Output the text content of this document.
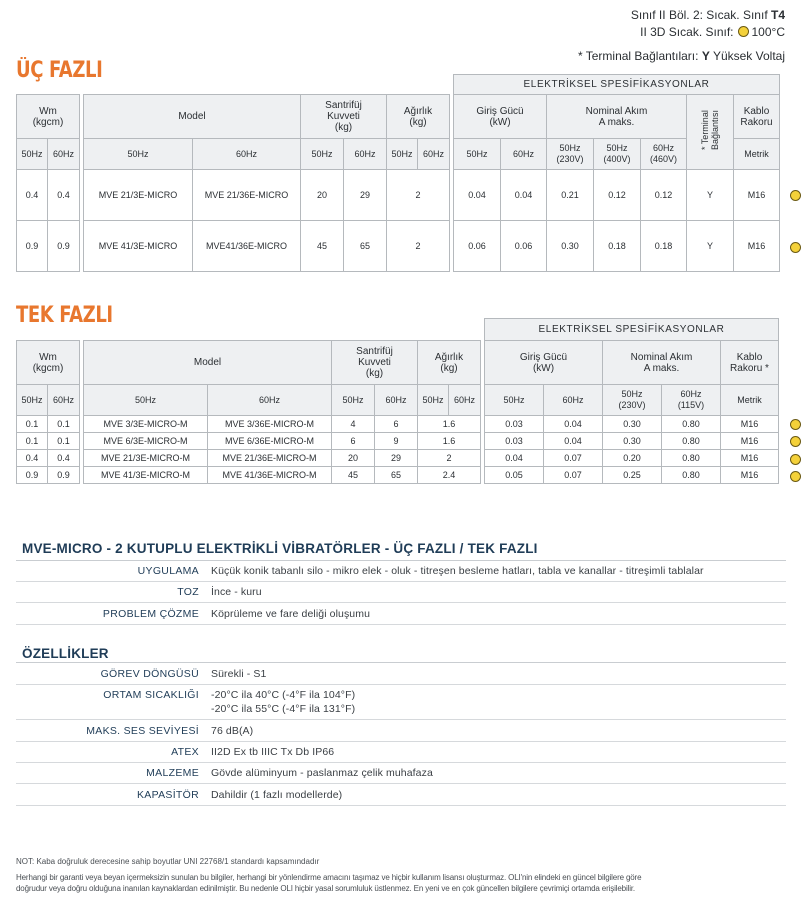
Sınıf II Böl. 2: Sıcak. Sınıf T4
II 3D Sıcak. Sınıf: 100°C
* Terminal Bağlantıları: Y Yüksek Voltaj
ÜÇ FAZLI
										ELEKTRİKSEL SPESİFİKASYONLAR						
Wm
(kgcm)			Model		Santrifüj
Kuvveti
(kg)		Ağırlık
(kg)			Giriş Gücü
(kW)		Nominal Akım
A maks.			* Terminal
Bağlantısı	Kablo
Rakoru
50Hz	60Hz		50Hz	60Hz	50Hz	60Hz	50Hz	60Hz		50Hz	60Hz	50Hz
(230V)	50Hz
(400V)	60Hz
(460V)		Metrik
0.4	0.4		MVE 21/3E-MICRO	MVE 21/36E-MICRO	20	29	2			0.04	0.04	0.21	0.12	0.12	Y	M16
0.9	0.9		MVE 41/3E-MICRO	MVE41/36E-MICRO	45	65	2			0.06	0.06	0.30	0.18	0.18	Y	M16
TEK FAZLI
										ELEKTRİKSEL SPESİFİKASYONLAR				
Wm
(kgcm)			Model		Santrifüj
Kuvveti
(kg)		Ağırlık
(kg)			Giriş Gücü
(kW)		Nominal Akım
A maks.		Kablo
Rakoru *
50Hz	60Hz		50Hz	60Hz	50Hz	60Hz	50Hz	60Hz		50Hz	60Hz	50Hz
(230V)	60Hz
(115V)	Metrik
0.1	0.1		MVE 3/3E-MICRO-M	MVE 3/36E-MICRO-M	4	6	1.6			0.03	0.04	0.30	0.80	M16
0.1	0.1		MVE 6/3E-MICRO-M	MVE 6/36E-MICRO-M	6	9	1.6			0.03	0.04	0.30	0.80	M16
0.4	0.4		MVE 21/3E-MICRO-M	MVE 21/36E-MICRO-M	20	29	2			0.04	0.07	0.20	0.80	M16
0.9	0.9		MVE 41/3E-MICRO-M	MVE 41/36E-MICRO-M	45	65	2.4			0.05	0.07	0.25	0.80	M16
MVE-MICRO - 2 KUTUPLU ELEKTRİKLİ VİBRATÖRLER - ÜÇ FAZLI / TEK FAZLI
UYGULAMA Küçük konik tabanlı silo - mikro elek - oluk - titreşen besleme hatları, tabla ve kanallar - titreşimli tablalar
TOZ İnce - kuru
PROBLEM ÇÖZME Köprüleme ve fare deliği oluşumu
ÖZELLİKLER
GÖREV DÖNGÜSÜ Sürekli - S1
ORTAM SICAKLIĞI -20°C ila 40°C (-4°F ila 104°F)
-20°C ila 55°C (-4°F ila 131°F)
MAKS. SES SEVİYESİ 76 dB(A)
ATEX II2D Ex tb IIIC Tx Db IP66
MALZEME Gövde alüminyum - paslanmaz çelik muhafaza
KAPASİTÖR Dahildir (1 fazlı modellerde)
NOT: Kaba doğruluk derecesine sahip boyutlar UNI 22768/1 standardı kapsamındadır
Herhangi bir garanti veya beyan içermeksizin sunulan bu bilgiler, herhangi bir yönlendirme amacını taşımaz ve hiçbir kullanım lisansı oluşturmaz. OLI'nin elindeki en güncel bilgilere göre
doğrudur veya doğru olduğuna inanılan kaynaklardan edinilmiştir. Bu nedenle OLI hiçbir yasal sorumluluk üstlenmez. En yeni ve en çok güncellen bilgilere çevrimiçi ortamda erişilebilir.
